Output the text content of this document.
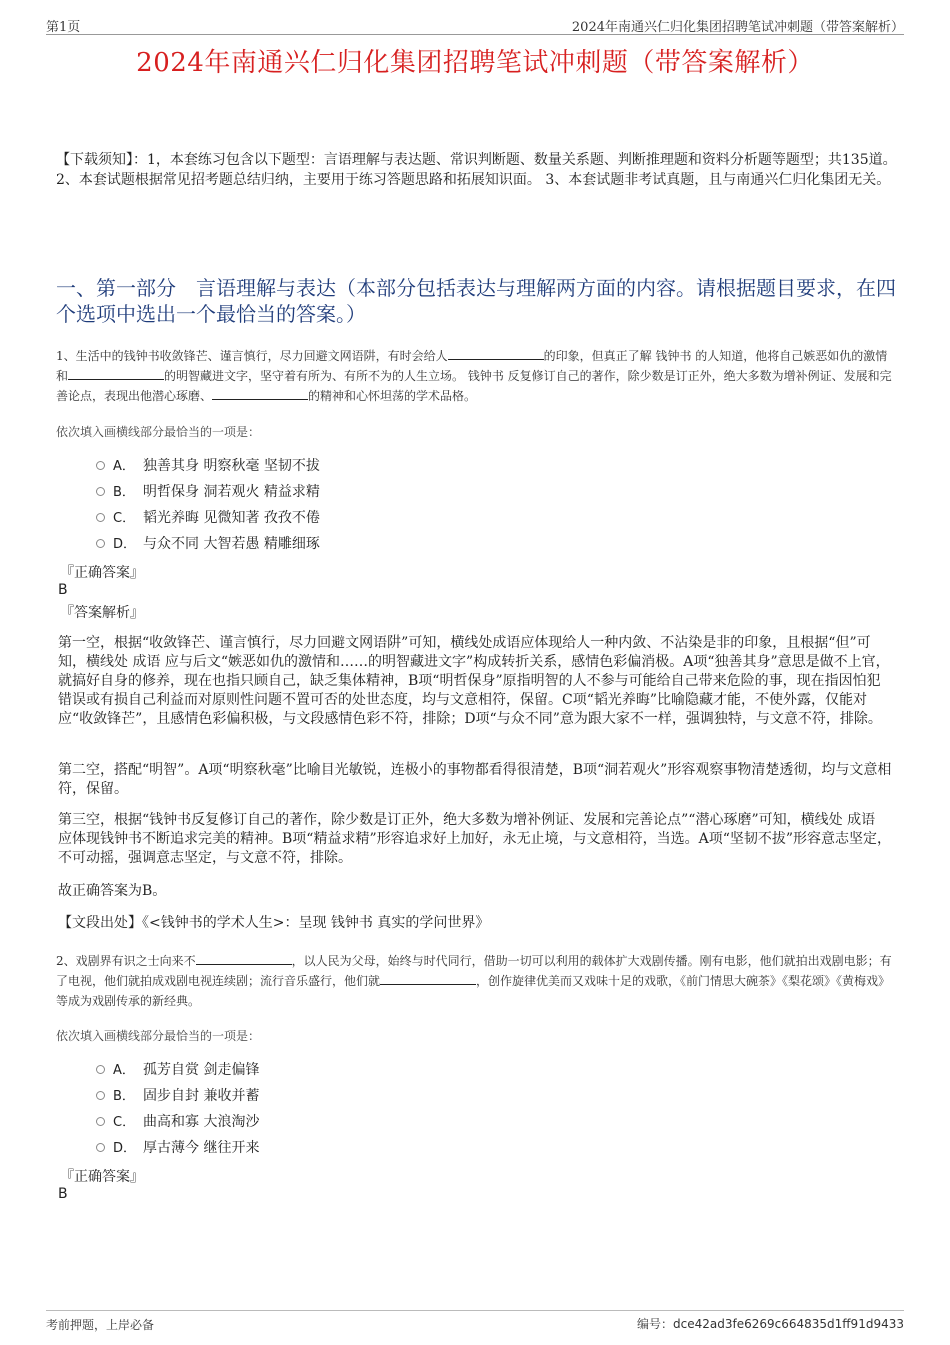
第1页	2024年南通兴仁归化集团招聘笔试冲刺题（带答案解析）
2024年南通兴仁归化集团招聘笔试冲刺题（带答案解析）
【下载须知】：1，本套练习包含以下题型：言语理解与表达题、常识判断题、数量关系题、判断推理题和资料分析题等题型；共135道。 2、本套试题根据常见招考题总结归纳，主要用于练习答题思路和拓展知识面。 3、本套试题非考试真题，且与南通兴仁归化集团无关。
一、第一部分　言语理解与表达（本部分包括表达与理解两方面的内容。请根据题目要求，在四个选项中选出一个最恰当的答案。）
1、生活中的钱钟书收敛锋芒、谨言慎行，尽力回避文网语阱，有时会给人	的印象，但真正了解 钱钟书 的人知道，他将自己嫉恶如仇的激情和	的明智藏进文字，坚守着有所为、有所不为的人生立场。 钱钟书 反复修订自己的著作，除少数是订正外，绝大多数为增补例证、发展和完善论点，表现出他潜心琢磨、	的精神和心怀坦荡的学术品格。
依次填入画横线部分最恰当的一项是：
A． 独善其身 明察秋毫 坚韧不拔
B． 明哲保身 洞若观火 精益求精
C． 韬光养晦 见微知著 孜孜不倦
D． 与众不同 大智若愚 精雕细琢
『正确答案』
B
『答案解析』
第一空，根据“收敛锋芒、谨言慎行，尽力回避文网语阱”可知，横线处成语应体现给人一种内敛、不沾染是非的印象，且根据“但”可知，横线处 成语 应与后文“嫉恶如仇的激情和……的明智藏进文字”构成转折关系，感情色彩偏消极。A项“独善其身”意思是做不上官，就搞好自身的修养，现在也指只顾自己，缺乏集体精神，B项“明哲保身”原指明智的人不参与可能给自己带来危险的事，现在指因怕犯错误或有损自己利益而对原则性问题不置可否的处世态度，均与文意相符，保留。C项“韬光养晦”比喻隐藏才能，不使外露，仅能对应“收敛锋芒”，且感情色彩偏积极，与文段感情色彩不符，排除；D项“与众不同”意为跟大家不一样，强调独特，与文意不符，排除。
第二空，搭配“明智”。A项“明察秋毫”比喻目光敏锐，连极小的事物都看得很清楚，B项“洞若观火”形容观察事物清楚透彻，均与文意相符，保留。
第三空，根据“钱钟书反复修订自己的著作，除少数是订正外，绝大多数为增补例证、发展和完善论点”“潜心琢磨”可知，横线处 成语 应体现钱钟书不断追求完美的精神。B项“精益求精”形容追求好上加好，永无止境，与文意相符，当选。A项“坚韧不拔”形容意志坚定，不可动摇，强调意志坚定，与文意不符，排除。
故正确答案为B。
【文段出处】《<钱钟书的学术人生>：呈现 钱钟书 真实的学问世界》
2、戏剧界有识之士向来不	，以人民为父母，始终与时代同行，借助一切可以利用的载体扩大戏剧传播。刚有电影，他们就拍出戏剧电影；有了电视，他们就拍成戏剧电视连续剧；流行音乐盛行，他们就	，创作旋律优美而又戏味十足的戏歌，《前门情思大碗茶》《梨花颂》《黄梅戏》等成为戏剧传承的新经典。
依次填入画横线部分最恰当的一项是：
A． 孤芳自赏 剑走偏锋
B． 固步自封 兼收并蓄
C． 曲高和寡 大浪淘沙
D． 厚古薄今 继往开来
『正确答案』
B
考前押题，上岸必备	编号：dce42ad3fe6269c664835d1ff91d9433
